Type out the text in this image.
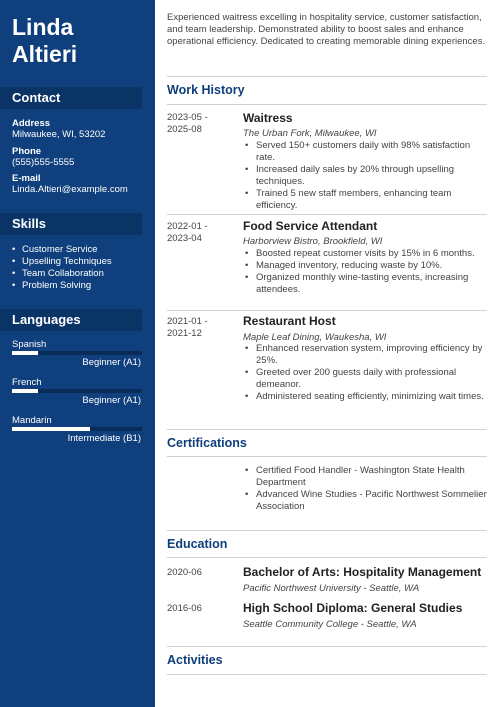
Linda
Altieri
Contact
Address
Milwaukee, WI, 53202
Phone
(555)555-5555
E-mail
Linda.Altieri@example.com
Skills
• Customer Service
• Upselling Techniques
• Team Collaboration
• Problem Solving
Languages
Spanish
Beginner (A1)
French
Beginner (A1)
Mandarin
Intermediate (B1)
Experienced waitress excelling in hospitality service, customer satisfaction, and team leadership. Demonstrated ability to boost sales and enhance operational efficiency. Dedicated to creating memorable dining experiences.
Work History
2023-05 -
2025-08
Waitress
The Urban Fork, Milwaukee, WI
• Served 150+ customers daily with 98% satisfaction rate.
• Increased daily sales by 20% through upselling techniques.
• Trained 5 new staff members, enhancing team efficiency.
2022-01 -
2023-04
Food Service Attendant
Harborview Bistro, Brookfield, WI
• Boosted repeat customer visits by 15% in 6 months.
• Managed inventory, reducing waste by 10%.
• Organized monthly wine-tasting events, increasing attendees.
2021-01 -
2021-12
Restaurant Host
Maple Leaf Dining, Waukesha, WI
• Enhanced reservation system, improving efficiency by 25%.
• Greeted over 200 guests daily with professional demeanor.
• Administered seating efficiently, minimizing wait times.
Certifications
• Certified Food Handler - Washington State Health Department
• Advanced Wine Studies - Pacific Northwest Sommelier Association
Education
2020-06	Bachelor of Arts: Hospitality Management
Pacific Northwest University - Seattle, WA
2016-06	High School Diploma: General Studies
Seattle Community College - Seattle, WA
Activities
